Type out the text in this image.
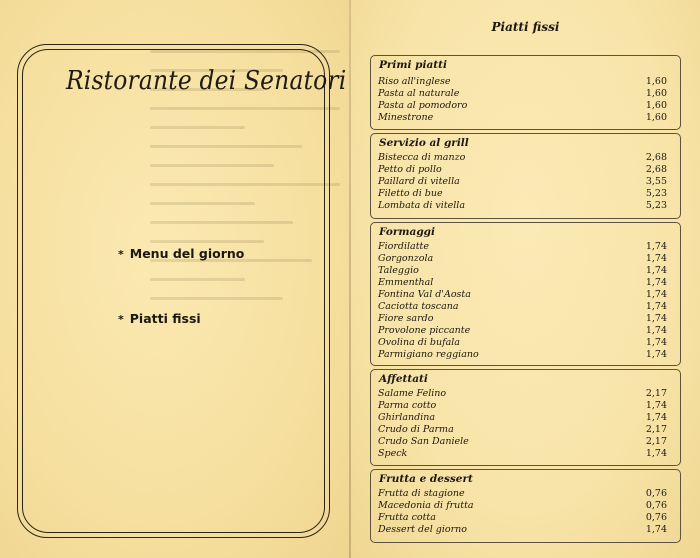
Ristorante dei Senatori
* Menu del giorno
* Piatti fissi
Piatti fissi
Primi piatti
Riso all'inglese	1,60
Pasta al naturale	1,60
Pasta al pomodoro	1,60
Minestrone	1,60
Servizio al grill
Bistecca di manzo	2,68
Petto di pollo	2,68
Paillard di vitella	3,55
Filetto di bue	5,23
Lombata di vitella	5,23
Formaggi
Fiordilatte	1,74
Gorgonzola	1,74
Taleggio	1,74
Emmenthal	1,74
Fontina Val d'Aosta	1,74
Caciotta toscana	1,74
Fiore sardo	1,74
Provolone piccante	1,74
Ovolina di bufala	1,74
Parmigiano reggiano	1,74
Affettati
Salame Felino	2,17
Parma cotto	1,74
Ghirlandina	1,74
Crudo di Parma	2,17
Crudo San Daniele	2,17
Speck	1,74
Frutta e dessert
Frutta di stagione	0,76
Macedonia di frutta	0,76
Frutta cotta	0,76
Dessert del giorno	1,74
